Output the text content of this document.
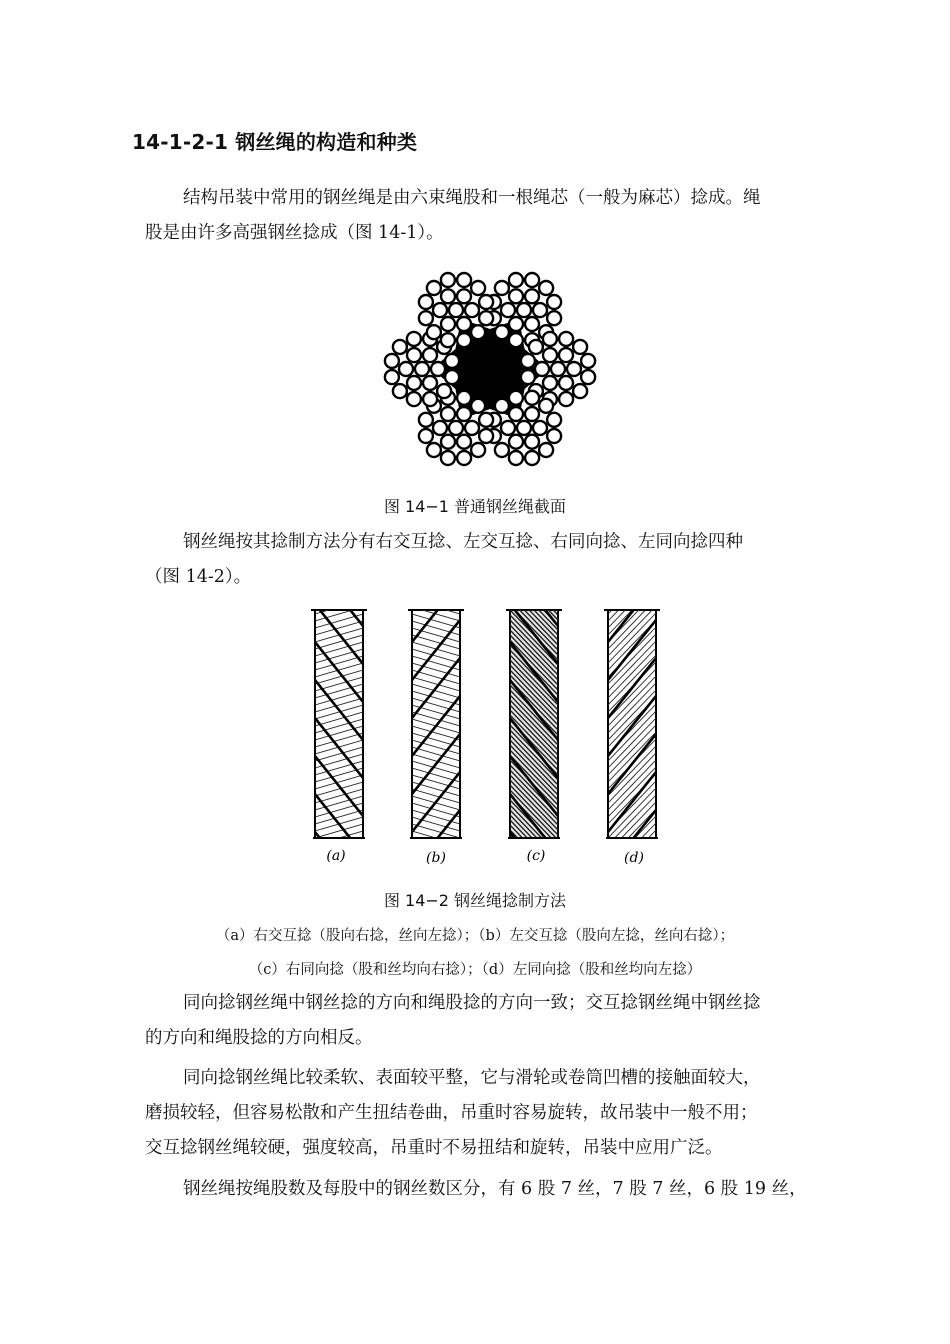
14-1-2-1 钢丝绳的构造和种类

结构吊装中常用的钢丝绳是由六束绳股和一根绳芯（一般为麻芯）捻成。绳
股是由许多高强钢丝捻成（图 14-1）。

图 14−1 普通钢丝绳截面

钢丝绳按其捻制方法分有右交互捻、左交互捻、右同向捻、左同向捻四种
（图 14-2）。

(a)	(b)	(c)	(d)

图 14−2 钢丝绳捻制方法

（a）右交互捻（股向右捻，丝向左捻）；（b）左交互捻（股向左捻，丝向右捻）；

（c）右同向捻（股和丝均向右捻）；（d）左同向捻（股和丝均向左捻）

同向捻钢丝绳中钢丝捻的方向和绳股捻的方向一致；交互捻钢丝绳中钢丝捻
的方向和绳股捻的方向相反。

同向捻钢丝绳比较柔软、表面较平整，它与滑轮或卷筒凹槽的接触面较大，
磨损较轻，但容易松散和产生扭结卷曲，吊重时容易旋转，故吊装中一般不用；
交互捻钢丝绳较硬，强度较高，吊重时不易扭结和旋转，吊装中应用广泛。

钢丝绳按绳股数及每股中的钢丝数区分，有 6 股 7 丝，7 股 7 丝，6 股 19 丝，
